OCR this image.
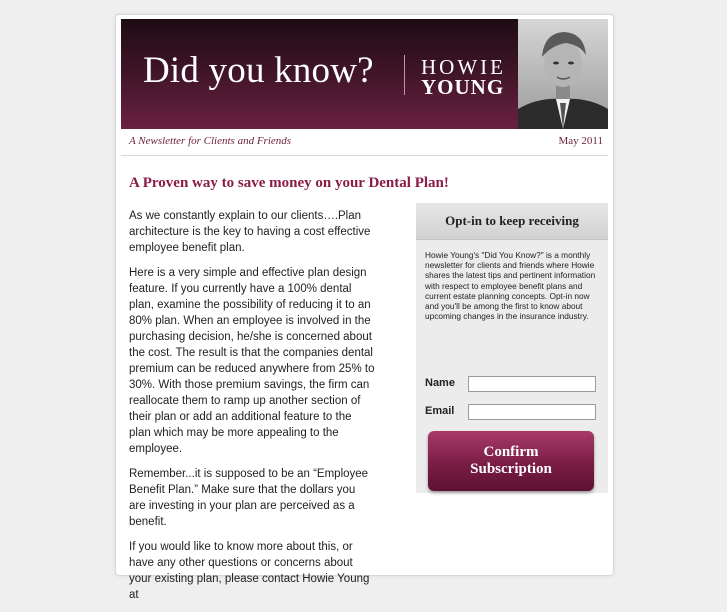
Did you know? HOWIE
YOUNG
A Newsletter for Clients and Friends	May 2011
A Proven way to save money on your Dental Plan!

As we constantly explain to our clients….Plan architecture is the key to having a cost effective employee benefit plan.

Here is a very simple and effective plan design feature. If you currently have a 100% dental plan, examine the possibility of reducing it to an 80% plan. When an employee is involved in the purchasing decision, he/she is concerned about the cost. The result is that the companies dental premium can be reduced anywhere from 25% to 30%. With those premium savings, the firm can reallocate them to ramp up another section of their plan or add an additional feature to the plan which may be more appealing to the employee.

Remember...it is supposed to be an “Employee Benefit Plan.” Make sure that the dollars you are investing in your plan are perceived as a benefit.

If you would like to know more about this, or have any other questions or concerns about your existing plan, please contact Howie Young at

Opt-in to keep receiving
Howie Young's "Did You Know?" is a monthly newsletter for clients and friends where Howie shares the latest tips and pertinent information with respect to employee benefit plans and current estate planning concepts. Opt-in now and you'll be among the first to know about upcoming changes in the insurance industry.
Name
Email
Confirm
Subscription
